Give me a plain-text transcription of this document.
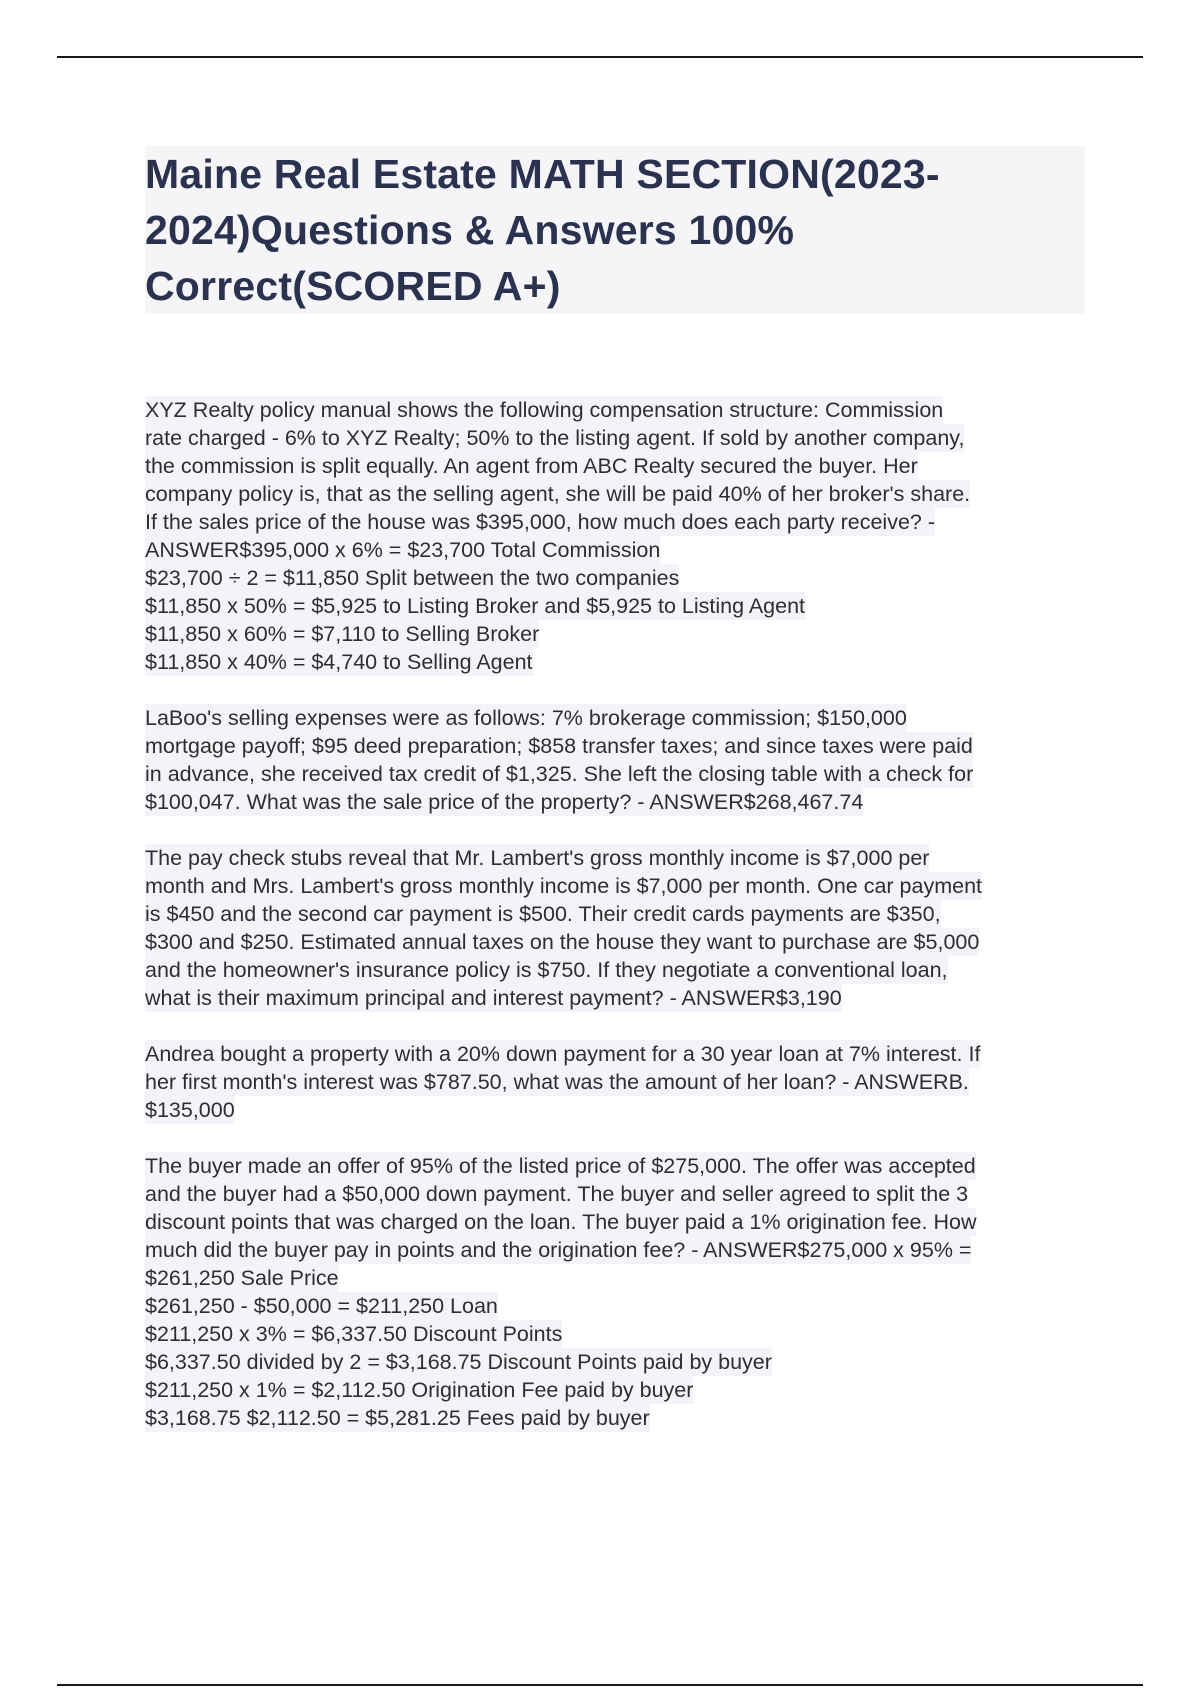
Maine Real Estate MATH SECTION(2023-
2024)Questions & Answers 100%
Correct(SCORED A+)
XYZ Realty policy manual shows the following compensation structure: Commission
rate charged - 6% to XYZ Realty; 50% to the listing agent. If sold by another company,
the commission is split equally. An agent from ABC Realty secured the buyer. Her
company policy is, that as the selling agent, she will be paid 40% of her broker's share.
If the sales price of the house was $395,000, how much does each party receive? -
ANSWER$395,000 x 6% = $23,700 Total Commission
$23,700 ÷ 2 = $11,850 Split between the two companies
$11,850 x 50% = $5,925 to Listing Broker and $5,925 to Listing Agent
$11,850 x 60% = $7,110 to Selling Broker
$11,850 x 40% = $4,740 to Selling Agent
LaBoo's selling expenses were as follows: 7% brokerage commission; $150,000
mortgage payoff; $95 deed preparation; $858 transfer taxes; and since taxes were paid
in advance, she received tax credit of $1,325. She left the closing table with a check for
$100,047. What was the sale price of the property? - ANSWER$268,467.74
The pay check stubs reveal that Mr. Lambert's gross monthly income is $7,000 per
month and Mrs. Lambert's gross monthly income is $7,000 per month. One car payment
is $450 and the second car payment is $500. Their credit cards payments are $350,
$300 and $250. Estimated annual taxes on the house they want to purchase are $5,000
and the homeowner's insurance policy is $750. If they negotiate a conventional loan,
what is their maximum principal and interest payment? - ANSWER$3,190
Andrea bought a property with a 20% down payment for a 30 year loan at 7% interest. If
her first month's interest was $787.50, what was the amount of her loan? - ANSWERB.
$135,000
The buyer made an offer of 95% of the listed price of $275,000. The offer was accepted
and the buyer had a $50,000 down payment. The buyer and seller agreed to split the 3
discount points that was charged on the loan. The buyer paid a 1% origination fee. How
much did the buyer pay in points and the origination fee? - ANSWER$275,000 x 95% =
$261,250 Sale Price
$261,250 - $50,000 = $211,250 Loan
$211,250 x 3% = $6,337.50 Discount Points
$6,337.50 divided by 2 = $3,168.75 Discount Points paid by buyer
$211,250 x 1% = $2,112.50 Origination Fee paid by buyer
$3,168.75 $2,112.50 = $5,281.25 Fees paid by buyer
